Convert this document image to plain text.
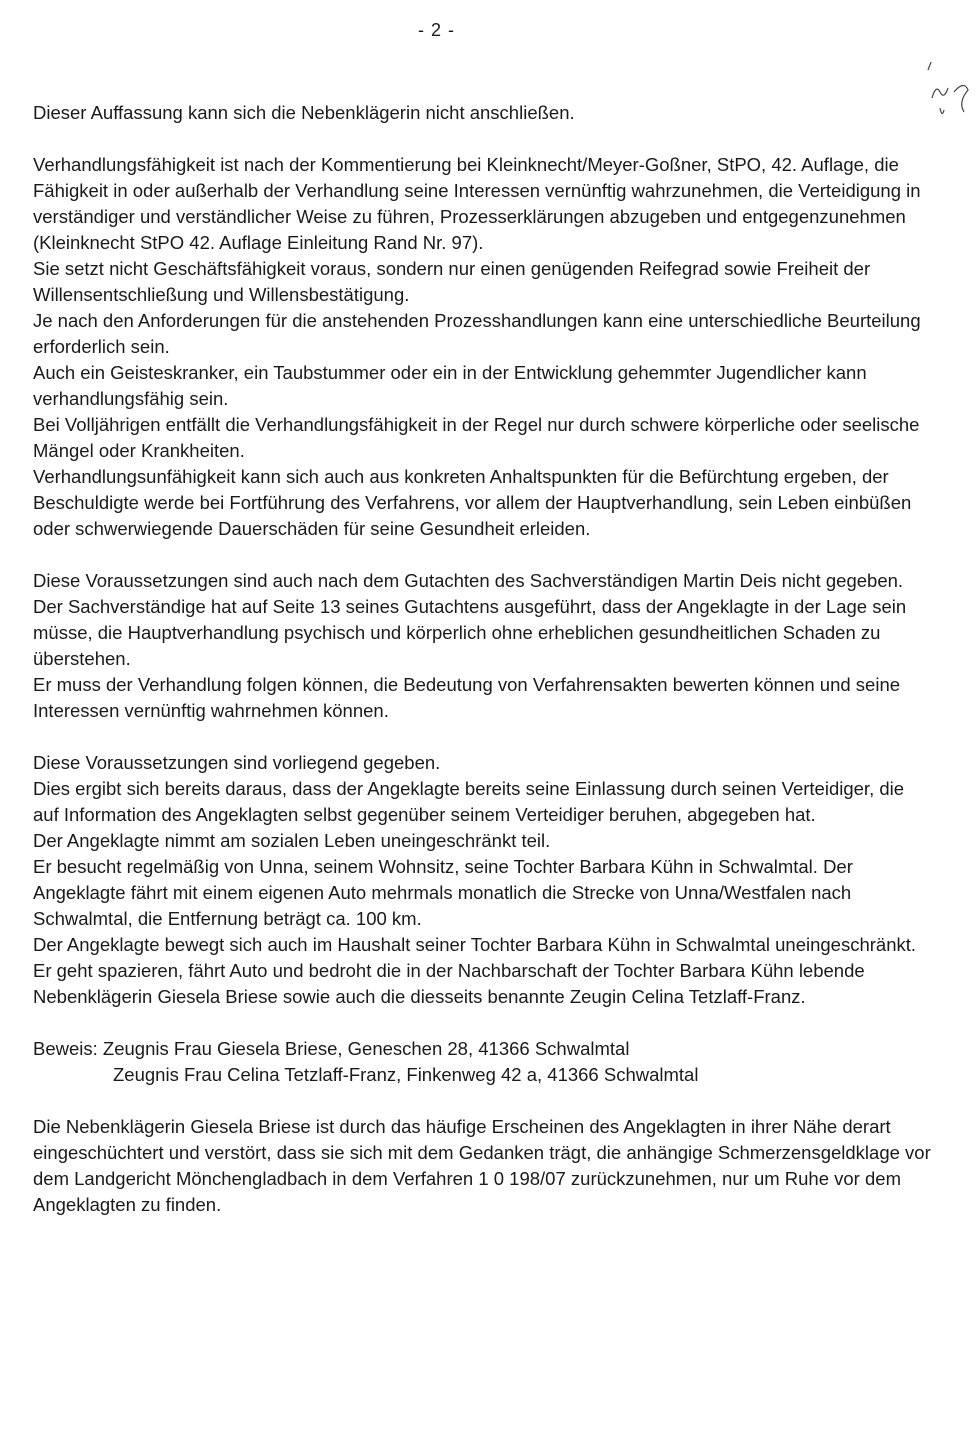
- 2 -

Dieser Auffassung kann sich die Nebenklägerin nicht anschließen.

Verhandlungsfähigkeit ist nach der Kommentierung bei Kleinknecht/Meyer-Goßner, StPO, 42. Auflage, die Fähigkeit in oder außerhalb der Verhandlung seine Interessen vernünftig wahrzunehmen, die Verteidigung in verständiger und verständlicher Weise zu führen, Prozesserklärungen abzugeben und entgegenzunehmen (Kleinknecht StPO 42. Auflage Einleitung Rand Nr. 97).

Sie setzt nicht Geschäftsfähigkeit voraus, sondern nur einen genügenden Reifegrad sowie Freiheit der Willensentschließung und Willensbestätigung.

Je nach den Anforderungen für die anstehenden Prozesshandlungen kann eine unterschiedliche Beurteilung erforderlich sein.

Auch ein Geisteskranker, ein Taubstummer oder ein in der Entwicklung gehemmter Jugendlicher kann verhandlungsfähig sein.

Bei Volljährigen entfällt die Verhandlungsfähigkeit in der Regel nur durch schwere körperliche oder seelische Mängel oder Krankheiten.

Verhandlungsunfähigkeit kann sich auch aus konkreten Anhaltspunkten für die Befürchtung ergeben, der Beschuldigte werde bei Fortführung des Verfahrens, vor allem der Hauptverhandlung, sein Leben einbüßen oder schwerwiegende Dauerschäden für seine Gesundheit erleiden.

Diese Voraussetzungen sind auch nach dem Gutachten des Sachverständigen Martin Deis nicht gegeben.

Der Sachverständige hat auf Seite 13 seines Gutachtens ausgeführt, dass der Angeklagte in der Lage sein müsse, die Hauptverhandlung psychisch und körperlich ohne erheblichen gesundheitlichen Schaden zu überstehen.

Er muss der Verhandlung folgen können, die Bedeutung von Verfahrensakten bewerten können und seine Interessen vernünftig wahrnehmen können.

Diese Voraussetzungen sind vorliegend gegeben.

Dies ergibt sich bereits daraus, dass der Angeklagte bereits seine Einlassung durch seinen Verteidiger, die auf Information des Angeklagten selbst gegenüber seinem Verteidiger beruhen, abgegeben hat.

Der Angeklagte nimmt am sozialen Leben uneingeschränkt teil.

Er besucht regelmäßig von Unna, seinem Wohnsitz, seine Tochter Barbara Kühn in Schwalmtal. Der Angeklagte fährt mit einem eigenen Auto mehrmals monatlich die Strecke von Unna/Westfalen nach Schwalmtal, die Entfernung beträgt ca. 100 km.

Der Angeklagte bewegt sich auch im Haushalt seiner Tochter Barbara Kühn in Schwalmtal uneingeschränkt. Er geht spazieren, fährt Auto und bedroht die in der Nachbarschaft der Tochter Barbara Kühn lebende Nebenklägerin Giesela Briese sowie auch die diesseits benannte Zeugin Celina Tetzlaff-Franz.

Beweis: Zeugnis Frau Giesela Briese, Geneschen 28, 41366 Schwalmtal
Zeugnis Frau Celina Tetzlaff-Franz, Finkenweg 42 a, 41366 Schwalmtal

Die Nebenklägerin Giesela Briese ist durch das häufige Erscheinen des Angeklagten in ihrer Nähe derart eingeschüchtert und verstört, dass sie sich mit dem Gedanken trägt, die anhängige Schmerzensgeldklage vor dem Landgericht Mönchengladbach in dem Verfahren 1 0 198/07 zurückzunehmen, nur um Ruhe vor dem Angeklagten zu finden.
